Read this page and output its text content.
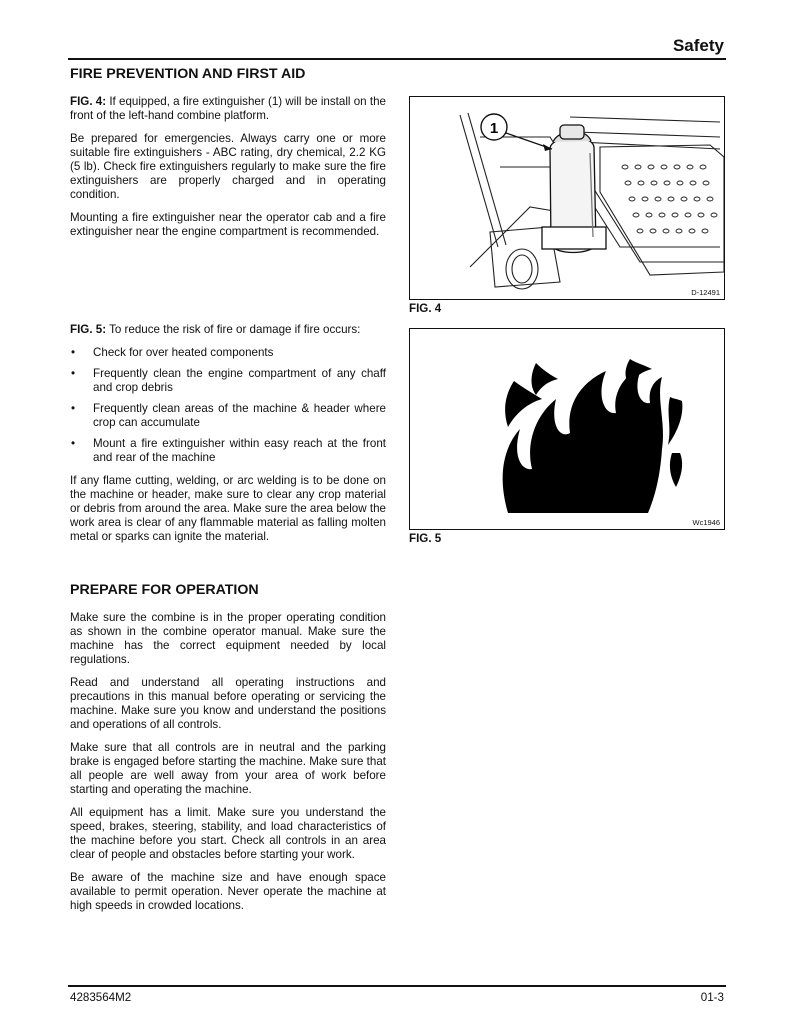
Safety
FIRE PREVENTION AND FIRST AID

FIG. 4: If equipped, a fire extinguisher (1) will be install on the front of the left-hand combine platform.

Be prepared for emergencies. Always carry one or more suitable fire extinguishers - ABC rating, dry chemical, 2.2 KG (5 lb). Check fire extinguishers regularly to make sure the fire extinguishers are properly charged and in operating condition.

Mounting a fire extinguisher near the operator cab and a fire extinguisher near the engine compartment is recommended.

FIG. 5: To reduce the risk of fire or damage if fire occurs:

• Check for over heated components
• Frequently clean the engine compartment of any chaff and crop debris
• Frequently clean areas of the machine & header where crop can accumulate
• Mount a fire extinguisher within easy reach at the front and rear of the machine

If any flame cutting, welding, or arc welding is to be done on the machine or header, make sure to clear any crop material or debris from around the area. Make sure the area below the work area is clear of any flammable material as falling molten metal or sparks can ignite the material.

PREPARE FOR OPERATION

Make sure the combine is in the proper operating condition as shown in the combine operator manual. Make sure the machine has the correct equipment needed by local regulations.

Read and understand all operating instructions and precautions in this manual before operating or servicing the machine. Make sure you know and understand the positions and operations of all controls.

Make sure that all controls are in neutral and the parking brake is engaged before starting the machine. Make sure that all people are well away from your area of work before starting and operating the machine.

All equipment has a limit. Make sure you understand the speed, brakes, steering, stability, and load characteristics of the machine before you start. Check all controls in an area clear of people and obstacles before starting your work.

Be aware of the machine size and have enough space available to permit operation. Never operate the machine at high speeds in crowded locations.

1
D-12491
FIG. 4
Wc1946
FIG. 5
4283564M2	01-3
